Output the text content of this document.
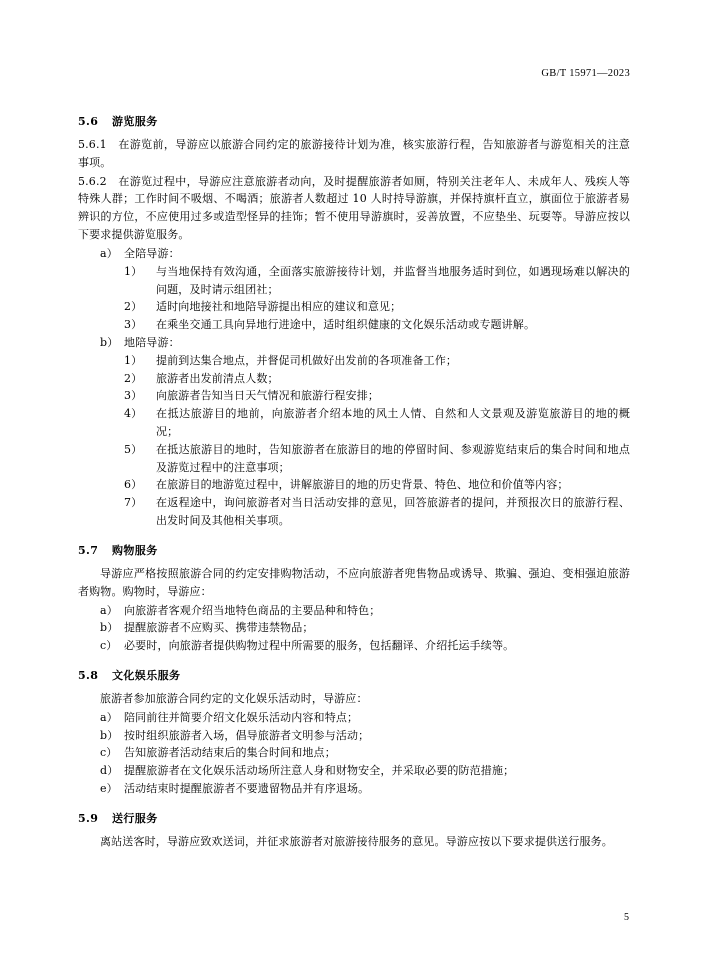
GB/T 15971—2023
5.6 游览服务

5.6.1 在游览前，导游应以旅游合同约定的旅游接待计划为准，核实旅游行程，告知旅游者与游览相关的注意事项。

5.6.2 在游览过程中，导游应注意旅游者动向，及时提醒旅游者如厕，特别关注老年人、未成年人、残疾人等特殊人群；工作时间不吸烟、不喝酒；旅游者人数超过 10 人时持导游旗，并保持旗杆直立，旗面位于旅游者易辨识的方位，不应使用过多或造型怪异的挂饰；暂不使用导游旗时，妥善放置，不应垫坐、玩耍等。导游应按以下要求提供游览服务。

a） 全陪导游：
1）	与当地保持有效沟通，全面落实旅游接待计划，并监督当地服务适时到位，如遇现场难以解决的问题，及时请示组团社；
2）	适时向地接社和地陪导游提出相应的建议和意见；
3）	在乘坐交通工具向异地行进途中，适时组织健康的文化娱乐活动或专题讲解。
b） 地陪导游：
1）	提前到达集合地点，并督促司机做好出发前的各项准备工作；
2）	旅游者出发前清点人数；
3）	向旅游者告知当日天气情况和旅游行程安排；
4）	在抵达旅游目的地前，向旅游者介绍本地的风土人情、自然和人文景观及游览旅游目的地的概况；
5）	在抵达旅游目的地时，告知旅游者在旅游目的地的停留时间、参观游览结束后的集合时间和地点及游览过程中的注意事项；
6）	在旅游目的地游览过程中，讲解旅游目的地的历史背景、特色、地位和价值等内容；
7）	在返程途中，询问旅游者对当日活动安排的意见，回答旅游者的提问，并预报次日的旅游行程、出发时间及其他相关事项。
5.7 购物服务

导游应严格按照旅游合同的约定安排购物活动，不应向旅游者兜售物品或诱导、欺骗、强迫、变相强迫旅游者购物。购物时，导游应：

a） 向旅游者客观介绍当地特色商品的主要品种和特色；
b） 提醒旅游者不应购买、携带违禁物品；
c） 必要时，向旅游者提供购物过程中所需要的服务，包括翻译、介绍托运手续等。
5.8 文化娱乐服务

旅游者参加旅游合同约定的文化娱乐活动时，导游应：

a） 陪同前往并简要介绍文化娱乐活动内容和特点；
b） 按时组织旅游者入场，倡导旅游者文明参与活动；
c） 告知旅游者活动结束后的集合时间和地点；
d） 提醒旅游者在文化娱乐活动场所注意人身和财物安全，并采取必要的防范措施；
e） 活动结束时提醒旅游者不要遗留物品并有序退场。
5.9 送行服务

离站送客时，导游应致欢送词，并征求旅游者对旅游接待服务的意见。导游应按以下要求提供送行服务。

5
